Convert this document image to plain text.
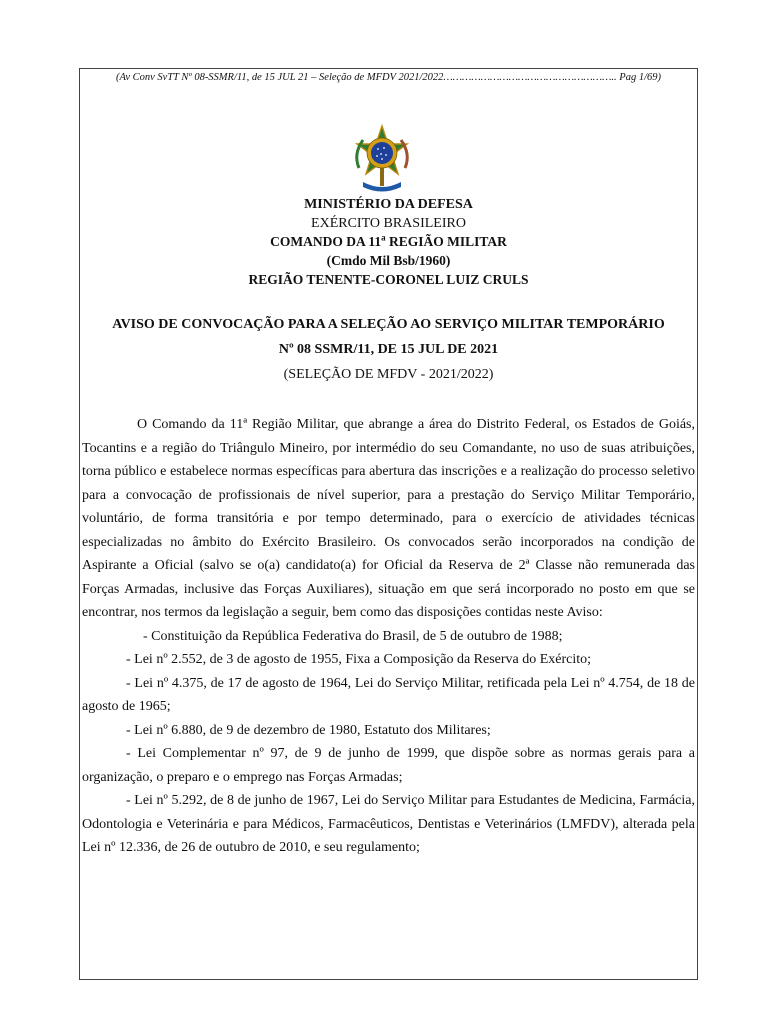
(Av Conv SvTT Nº 08-SSMR/11, de 15 JUL 21 – Seleção de MFDV 2021/2022……………………………………………….. Pag 1/69)
MINISTÉRIO DA DEFESA
EXÉRCITO BRASILEIRO
COMANDO DA 11$^a$ REGIÃO MILITAR
(Cmdo Mil Bsb/1960)
REGIÃO TENENTE-CORONEL LUIZ CRULS
AVISO DE CONVOCAÇÃO PARA A SELEÇÃO AO SERVIÇO MILITAR TEMPORÁRIO
Nº 08 SSMR/11, DE 15 JUL DE 2021
(SELEÇÃO DE MFDV - 2021/2022)

O Comando da 11ª Região Militar, que abrange a área do Distrito Federal, os Estados de Goiás, Tocantins e a região do Triângulo Mineiro, por intermédio do seu Comandante, no uso de suas atribuições, torna público e estabelece normas específicas para abertura das inscrições e a realização do processo seletivo para a convocação de profissionais de nível superior, para a prestação do Serviço Militar Temporário, voluntário, de forma transitória e por tempo determinado, para o exercício de atividades técnicas especializadas no âmbito do Exército Brasileiro. Os convocados serão incorporados na condição de Aspirante a Oficial (salvo se o(a) candidato(a) for Oficial da Reserva de 2ª Classe não remunerada das Forças Armadas, inclusive das Forças Auxiliares), situação em que será incorporado no posto em que se encontrar, nos termos da legislação a seguir, bem como das disposições contidas neste Aviso:

- Constituição da República Federativa do Brasil, de 5 de outubro de 1988;

- Lei nº 2.552, de 3 de agosto de 1955, Fixa a Composição da Reserva do Exército;

- Lei nº 4.375, de 17 de agosto de 1964, Lei do Serviço Militar, retificada pela Lei nº 4.754, de 18 de agosto de 1965;

- Lei nº 6.880, de 9 de dezembro de 1980, Estatuto dos Militares;

- Lei Complementar nº 97, de 9 de junho de 1999, que dispõe sobre as normas gerais para a organização, o preparo e o emprego nas Forças Armadas;

- Lei nº 5.292, de 8 de junho de 1967, Lei do Serviço Militar para Estudantes de Medicina, Farmácia, Odontologia e Veterinária e para Médicos, Farmacêuticos, Dentistas e Veterinários (LMFDV), alterada pela Lei nº 12.336, de 26 de outubro de 2010, e seu regulamento;
